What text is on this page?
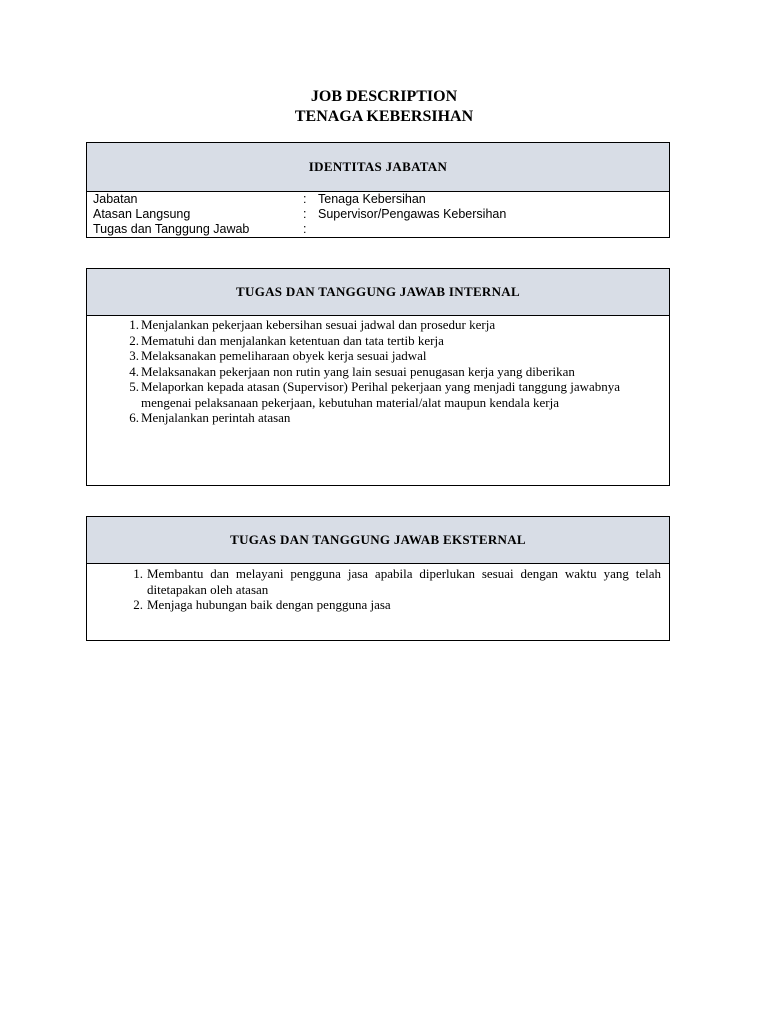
JOB DESCRIPTION
TENAGA KEBERSIHAN
IDENTITAS JABATAN
Jabatan	: Tenaga Kebersihan
Atasan Langsung	: Supervisor/Pengawas Kebersihan
Tugas dan Tanggung Jawab	:
TUGAS DAN TANGGUNG JAWAB INTERNAL
1. Menjalankan pekerjaan kebersihan sesuai jadwal dan prosedur kerja
2. Mematuhi dan menjalankan ketentuan dan tata tertib kerja
3. Melaksanakan pemeliharaan obyek kerja sesuai jadwal
4. Melaksanakan pekerjaan non rutin yang lain sesuai penugasan kerja yang diberikan
5. Melaporkan kepada atasan (Supervisor) Perihal pekerjaan yang menjadi tanggung jawabnya mengenai pelaksanaan pekerjaan, kebutuhan material/alat maupun kendala kerja
6. Menjalankan perintah atasan
TUGAS DAN TANGGUNG JAWAB EKSTERNAL
1. Membantu dan melayani pengguna jasa apabila diperlukan sesuai dengan waktu yang telah ditetapakan oleh atasan
2. Menjaga hubungan baik dengan pengguna jasa
